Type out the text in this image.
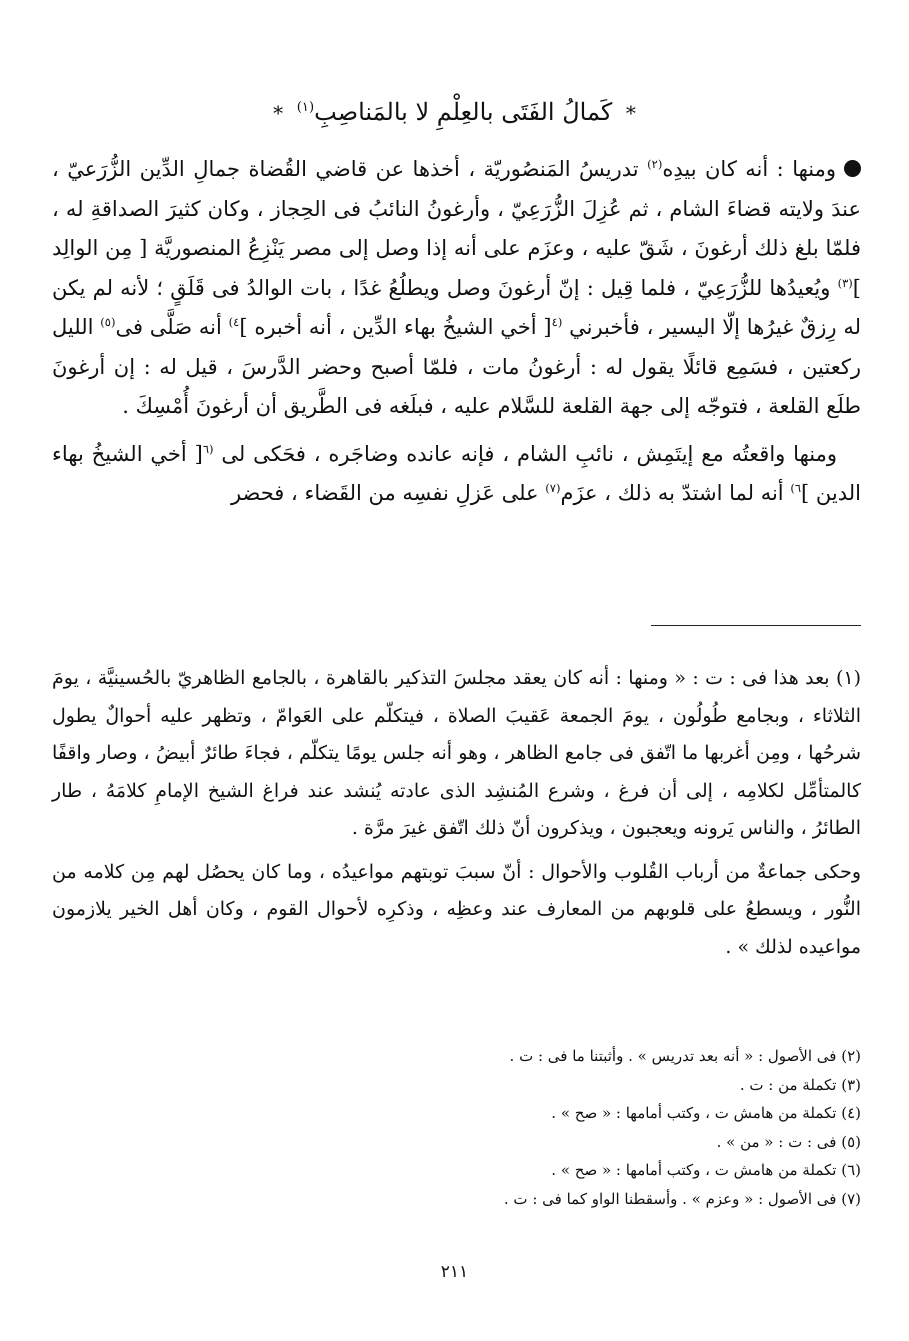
* كَمالُ الفَتَى بالعِلْمِ لا بالمَناصِبِ$^{(١)}$ *

ومنها : أنه كان بيدِه$^{(٢)}$ تدريسُ المَنصُوريّة ، أخذها عن قاضي القُضاة جمالِ الدِّين الزُّرَعيّ ، عندَ ولايته قضاءَ الشام ، ثم عُزِلَ الزُّرَعِيّ ، وأرغونُ النائبُ فى الحِجاز ، وكان كثيرَ الصداقةِ له ، فلمّا بلغ ذلك أرغونَ ، شَقّ عليه ، وعزَم على أنه إذا وصل إلى مصر يَنْزِعُ المنصوريَّة [ مِن الوالِد ]$^{(٣)}$ ويُعيدُها للزُّرَعِيّ ، فلما قِيل : إنّ أرغونَ وصل ويطلُعُ غدًا ، بات الوالدُ فى قَلَقٍ ؛ لأنه لم يكن له رِزقٌ غيرُها إلّا اليسير ، فأخبرني $^{(٤}$[ أخي الشيخُ بهاء الدِّين ، أنه أخبره ]$^{٤)}$ أنه صَلَّى فى$^{(٥)}$ الليل ركعتين ، فسَمِع قائلًا يقول له : أرغونُ مات ، فلمّا أصبح وحضر الدَّرسَ ، قيل له : إن أرغونَ طلَع القلعة ، فتوجّه إلى جهة القلعة للسَّلام عليه ، فبلَغه فى الطَّريق أن أرغونَ أُمْسِكَ .

ومنها واقعتُه مع إيتَمِش ، نائبِ الشام ، فإنه عانده وضاجَره ، فحَكى لى $^{(٦}$[ أخي الشيخُ بهاء الدين ]$^{٦)}$ أنه لما اشتدّ به ذلك ، عزَم$^{(٧)}$ على عَزلِ نفسِه من القَضاء ، فحضر

(١) بعد هذا فى : ت : « ومنها : أنه كان يعقد مجلسَ التذكير بالقاهرة ، بالجامع الظاهريّ بالحُسينيَّة ، يومَ الثلاثاء ، وبجامع طُولُون ، يومَ الجمعة عَقيبَ الصلاة ، فيتكلّم على العَوامّ ، وتظهر عليه أحوالٌ يطول شرحُها ، ومِن أغربها ما اتّفق فى جامع الظاهر ، وهو أنه جلس يومًا يتكلّم ، فجاءَ طائرٌ أبيضُ ، وصار واقفًا كالمتأمِّل لكلامِه ، إلى أن فرغ ، وشرع المُنشِد الذى عادته يُنشد عند فراغ الشيخ الإمامِ كلامَهُ ، طار الطائرُ ، والناس يَرونه ويعجبون ، ويذكرون أنّ ذلك اتّفق غيرَ مرَّة .

وحكى جماعةٌ من أرباب القُلوب والأحوال : أنّ سببَ توبتهم مواعيدُه ، وما كان يحصُل لهم مِن كلامه من النُّور ، ويسطعُ على قلوبهم من المعارف عند وعظِه ، وذكرِه لأحوال القوم ، وكان أهل الخير يلازمون مواعيده لذلك » .

(٢) فى الأصول : « أنه بعد تدريس » . وأثبتنا ما فى : ت .
(٣) تكملة من : ت .
(٤) تكملة من هامش ت ، وكتب أمامها : « صح » .
(٥) فى : ت : « من » .
(٦) تكملة من هامش ت ، وكتب أمامها : « صح » .
(٧) فى الأصول : « وعزم » . وأسقطنا الواو كما فى : ت .
٢١١
